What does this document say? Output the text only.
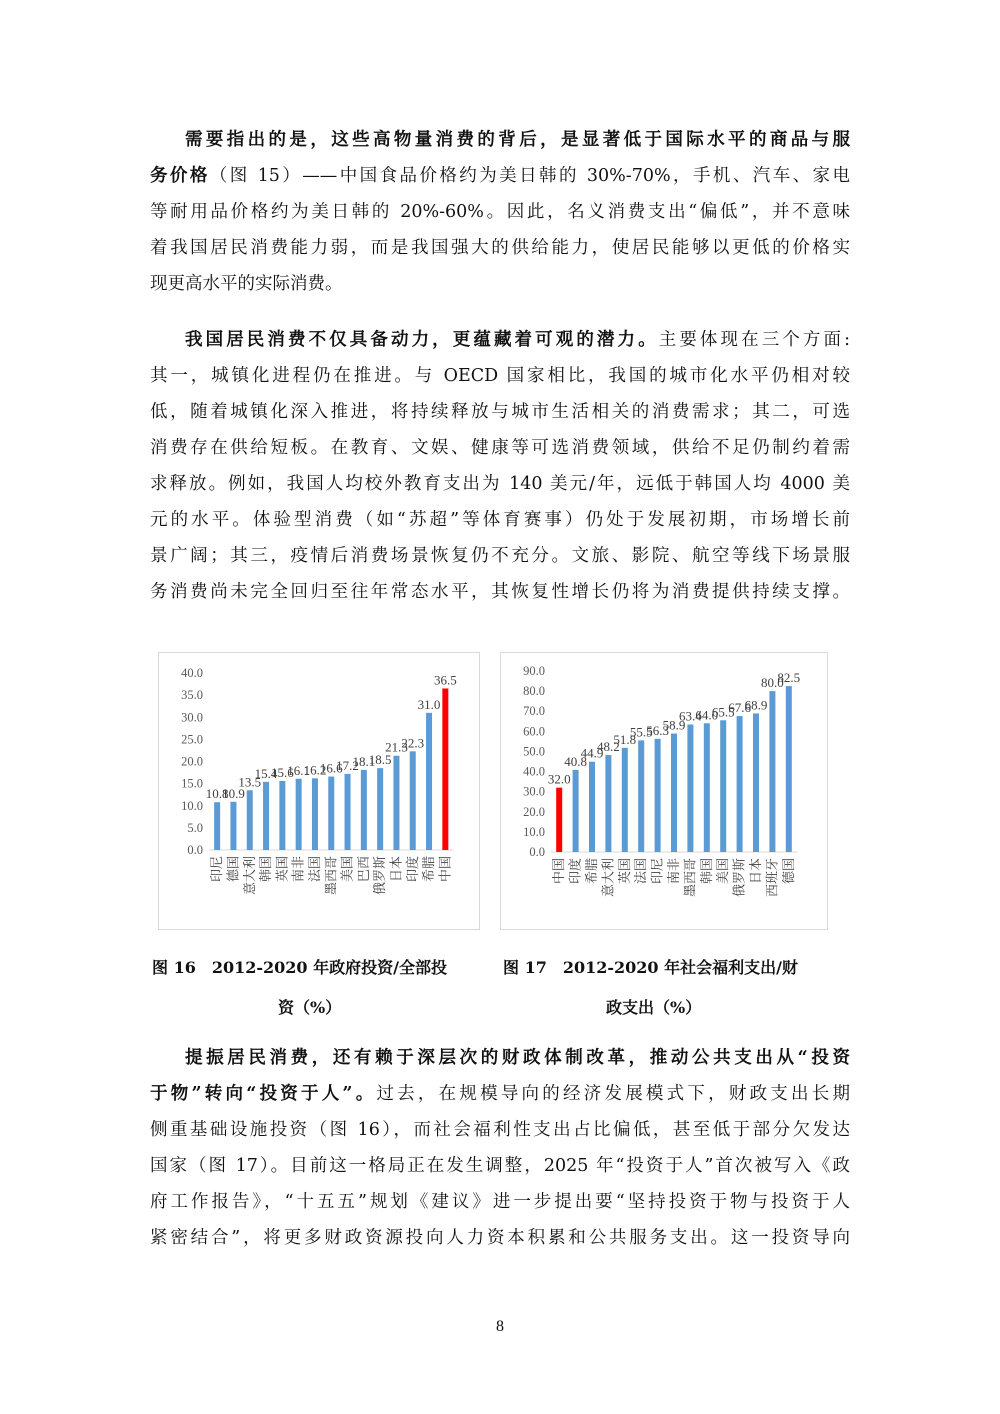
需要指出的是，这些高物量消费的背后，是显著低于国际水平的商品与服
务价格（图 15）——中国食品价格约为美日韩的 30%-70%，手机、汽车、家电
等耐用品价格约为美日韩的 20%-60%。因此，名义消费支出“偏低”，并不意味
着我国居民消费能力弱，而是我国强大的供给能力，使居民能够以更低的价格实
现更高水平的实际消费。
我国居民消费不仅具备动力，更蕴藏着可观的潜力。主要体现在三个方面:
其一，城镇化进程仍在推进。与 OECD 国家相比，我国的城市化水平仍相对较
低，随着城镇化深入推进，将持续释放与城市生活相关的消费需求；其二，可选
消费存在供给短板。在教育、文娱、健康等可选消费领域，供给不足仍制约着需
求释放。例如，我国人均校外教育支出为 140 美元/年，远低于韩国人均 4000 美
元的水平。体验型消费（如“苏超”等体育赛事）仍处于发展初期，市场增长前
景广阔；其三，疫情后消费场景恢复仍不充分。文旅、影院、航空等线下场景服
务消费尚未完全回归至往年常态水平，其恢复性增长仍将为消费提供持续支撑。
0.0
5.0
10.0
15.0
20.0
25.0
30.0
35.0
40.0
10.8
印尼
10.9
德国
13.5
意大利
15.4
韩国
15.6
英国
16.1
南非
16.2
法国
16.6
墨西哥
17.2
美国
18.1
巴西
18.5
俄罗斯
21.3
日本
22.3
印度
31.0
希腊
36.5
中国
0.0
10.0
20.0
30.0
40.0
50.0
60.0
70.0
80.0
90.0
32.0
中国
40.8
印度
44.9
希腊
48.2
意大利
51.8
英国
55.5
法国
56.3
印尼
58.9
南非
63.4
墨西哥
64.0
韩国
65.5
美国
67.6
俄罗斯
68.9
日本
80.0
西班牙
82.5
德国
图 16　2012-2020 年政府投资/全部投
资（%）
图 17　2012-2020 年社会福利支出/财
政支出（%）
提振居民消费，还有赖于深层次的财政体制改革，推动公共支出从“投资
于物”转向“投资于人”。过去，在规模导向的经济发展模式下，财政支出长期
侧重基础设施投资（图 16），而社会福利性支出占比偏低，甚至低于部分欠发达
国家（图 17）。目前这一格局正在发生调整，2025 年“投资于人”首次被写入《政
府工作报告》，“十五五”规划《建议》进一步提出要“坚持投资于物与投资于人
紧密结合”，将更多财政资源投向人力资本积累和公共服务支出。这一投资导向
8
